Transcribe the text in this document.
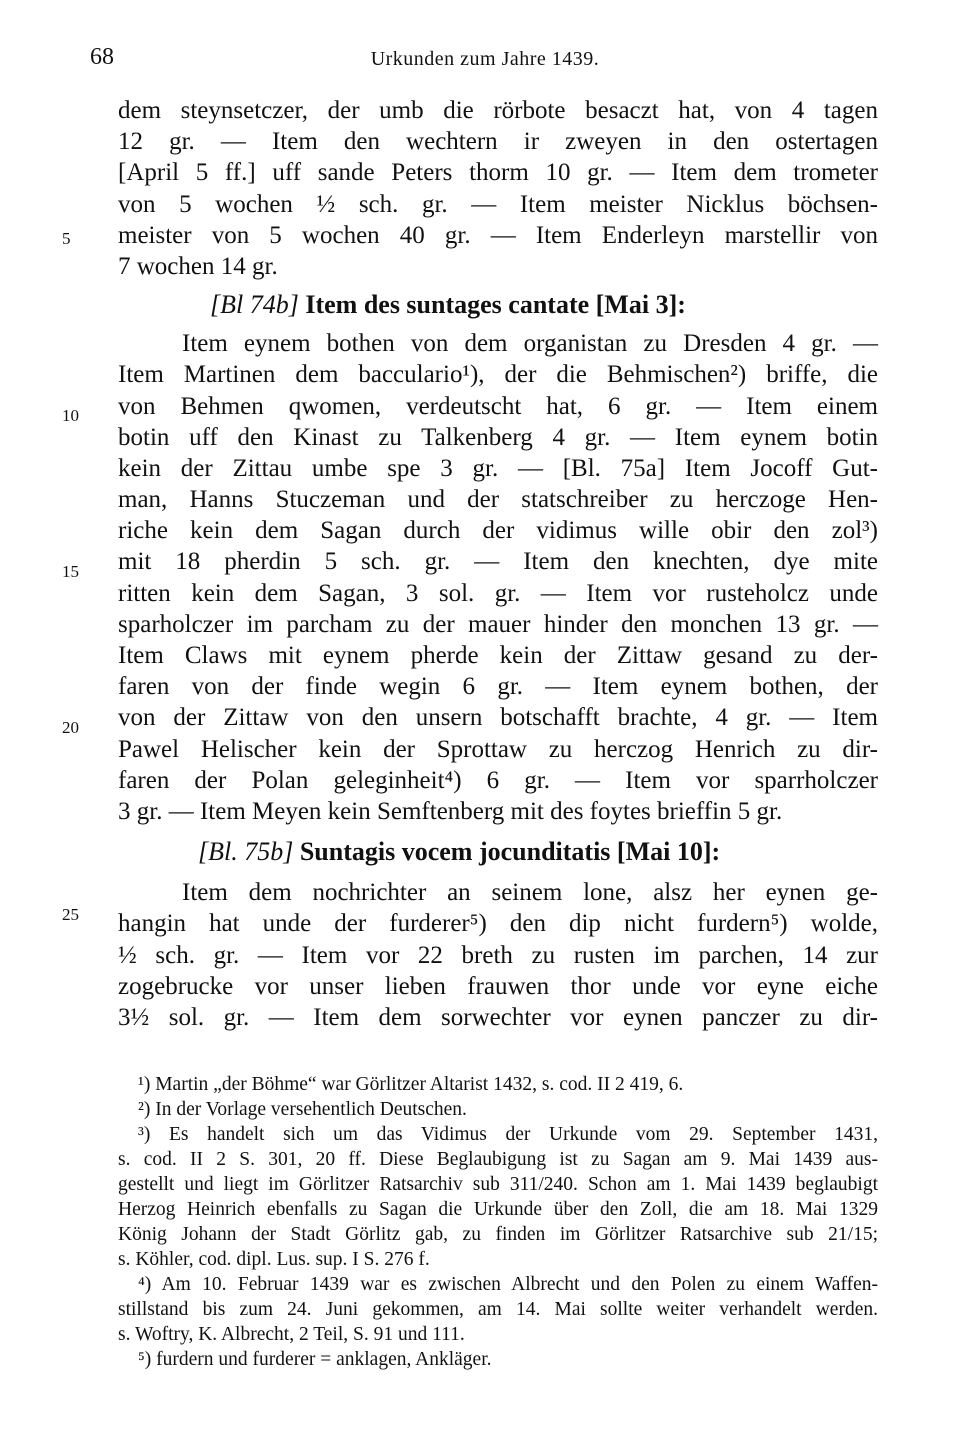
68	Urkunden zum Jahre 1439.
5
10
15
20
25
dem steynsetczer, der umb die rörbote besaczt hat, von 4 tagen
12 gr. — Item den wechtern ir zweyen in den ostertagen
[April 5 ff.] uff sande Peters thorm 10 gr. — Item dem trometer
von 5 wochen ½ sch. gr. — Item meister Nicklus böchsen-
meister von 5 wochen 40 gr. — Item Enderleyn marstellir von
7 wochen 14 gr.
[Bl 74b] Item des suntages cantate [Mai 3]:
Item eynem bothen von dem organistan zu Dresden 4 gr. —
Item Martinen dem bacculario¹), der die Behmischen²) briffe, die
von Behmen qwomen, verdeutscht hat, 6 gr. — Item einem
botin uff den Kinast zu Talkenberg 4 gr. — Item eynem botin
kein der Zittau umbe spe 3 gr. — [Bl. 75a] Item Jocoff Gut-
man, Hanns Stuczeman und der statschreiber zu herczoge Hen-
riche kein dem Sagan durch der vidimus wille obir den zol³)
mit 18 pherdin 5 sch. gr. — Item den knechten, dye mite
ritten kein dem Sagan, 3 sol. gr. — Item vor rusteholcz unde
sparholczer im parcham zu der mauer hinder den monchen 13 gr. —
Item Claws mit eynem pherde kein der Zittaw gesand zu der-
faren von der finde wegin 6 gr. — Item eynem bothen, der
von der Zittaw von den unsern botschafft brachte, 4 gr. — Item
Pawel Helischer kein der Sprottaw zu herczog Henrich zu dir-
faren der Polan geleginheit⁴) 6 gr. — Item vor sparrholczer
3 gr. — Item Meyen kein Semftenberg mit des foytes brieffin 5 gr.
[Bl. 75b] Suntagis vocem jocunditatis [Mai 10]:
Item dem nochrichter an seinem lone, alsz her eynen ge-
hangin hat unde der furderer⁵) den dip nicht furdern⁵) wolde,
½ sch. gr. — Item vor 22 breth zu rusten im parchen, 14 zur
zogebrucke vor unser lieben frauwen thor unde vor eyne eiche
3½ sol. gr. — Item dem sorwechter vor eynen panczer zu dir-
¹) Martin „der Böhme“ war Görlitzer Altarist 1432, s. cod. II 2 419, 6.
²) In der Vorlage versehentlich Deutschen.
³) Es handelt sich um das Vidimus der Urkunde vom 29. September 1431,
s. cod. II 2 S. 301, 20 ff. Diese Beglaubigung ist zu Sagan am 9. Mai 1439 aus-
gestellt und liegt im Görlitzer Ratsarchiv sub 311/240. Schon am 1. Mai 1439 beglaubigt
Herzog Heinrich ebenfalls zu Sagan die Urkunde über den Zoll, die am 18. Mai 1329
König Johann der Stadt Görlitz gab, zu finden im Görlitzer Ratsarchive sub 21/15;
s. Köhler, cod. dipl. Lus. sup. I S. 276 f.
⁴) Am 10. Februar 1439 war es zwischen Albrecht und den Polen zu einem Waffen-
stillstand bis zum 24. Juni gekommen, am 14. Mai sollte weiter verhandelt werden.
s. Woftry, K. Albrecht, 2 Teil, S. 91 und 111.
⁵) furdern und furderer = anklagen, Ankläger.
